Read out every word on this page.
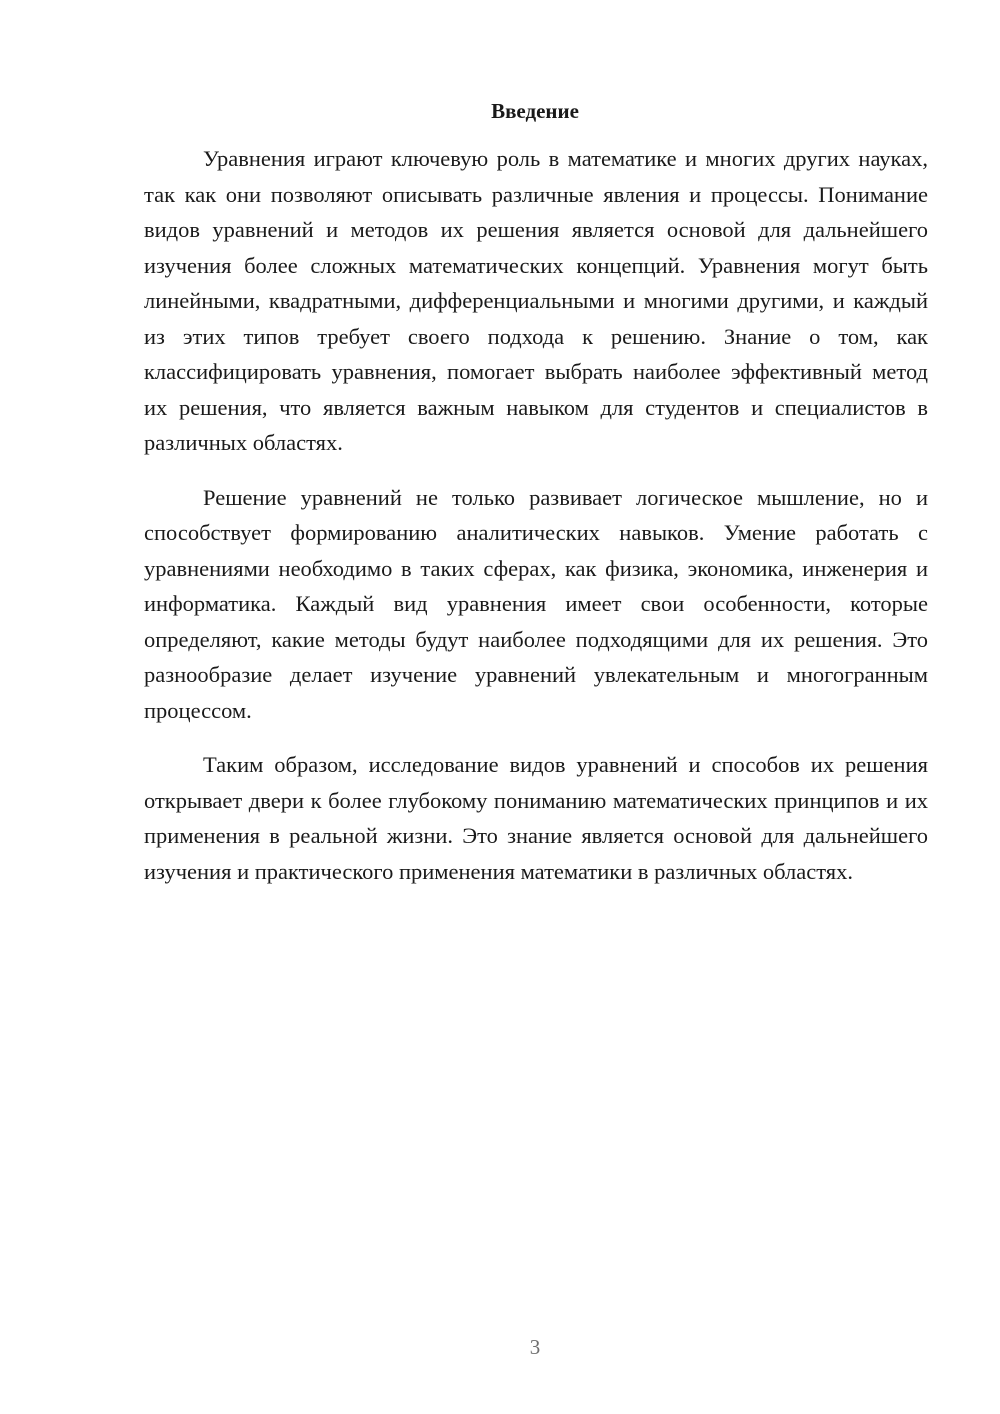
Введение

Уравнения играют ключевую роль в математике и многих других науках, так как они позволяют описывать различные явления и процессы. Понимание видов уравнений и методов их решения является основой для дальнейшего изучения более сложных математических концепций. Уравнения могут быть линейными, квадратными, дифференциальными и многими другими, и каждый из этих типов требует своего подхода к решению. Знание о том, как классифицировать уравнения, помогает выбрать наиболее эффективный метод их решения, что является важным навыком для студентов и специалистов в различных областях.

Решение уравнений не только развивает логическое мышление, но и способствует формированию аналитических навыков. Умение работать с уравнениями необходимо в таких сферах, как физика, экономика, инженерия и информатика. Каждый вид уравнения имеет свои особенности, которые определяют, какие методы будут наиболее подходящими для их решения. Это разнообразие делает изучение уравнений увлекательным и многогранным процессом.

Таким образом, исследование видов уравнений и способов их решения открывает двери к более глубокому пониманию математических принципов и их применения в реальной жизни. Это знание является основой для дальнейшего изучения и практического применения математики в различных областях.

3
